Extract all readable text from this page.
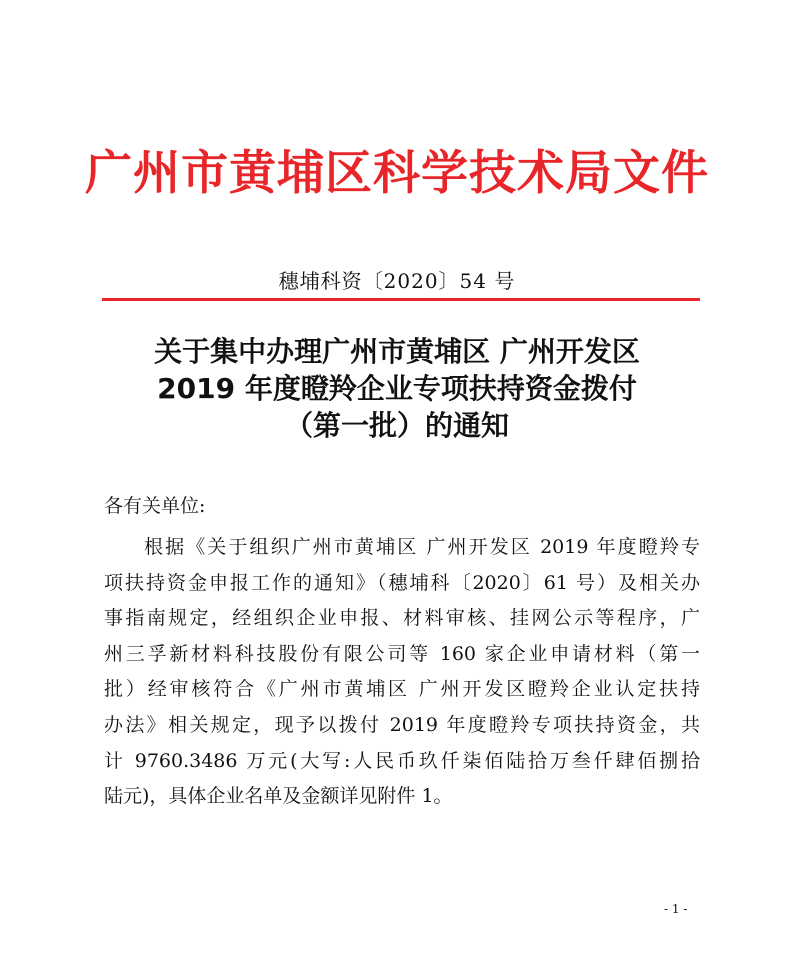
广州市黄埔区科学技术局文件
穗埔科资〔2020〕54 号
关于集中办理广州市黄埔区 广州开发区
2019 年度瞪羚企业专项扶持资金拨付
（第一批）的通知
各有关单位:
根据《关于组织广州市黄埔区 广州开发区 2019 年度瞪羚专
项扶持资金申报工作的通知》（穗埔科〔2020〕61 号）及相关办
事指南规定，经组织企业申报、材料审核、挂网公示等程序，广
州三孚新材料科技股份有限公司等 160 家企业申请材料（第一
批）经审核符合《广州市黄埔区 广州开发区瞪羚企业认定扶持
办法》相关规定，现予以拨付 2019 年度瞪羚专项扶持资金，共
计 9760.3486 万元(大写:人民币玖仟柒佰陆拾万叁仟肆佰捌拾
陆元)，具体企业名单及金额详见附件 1。
- 1 -
